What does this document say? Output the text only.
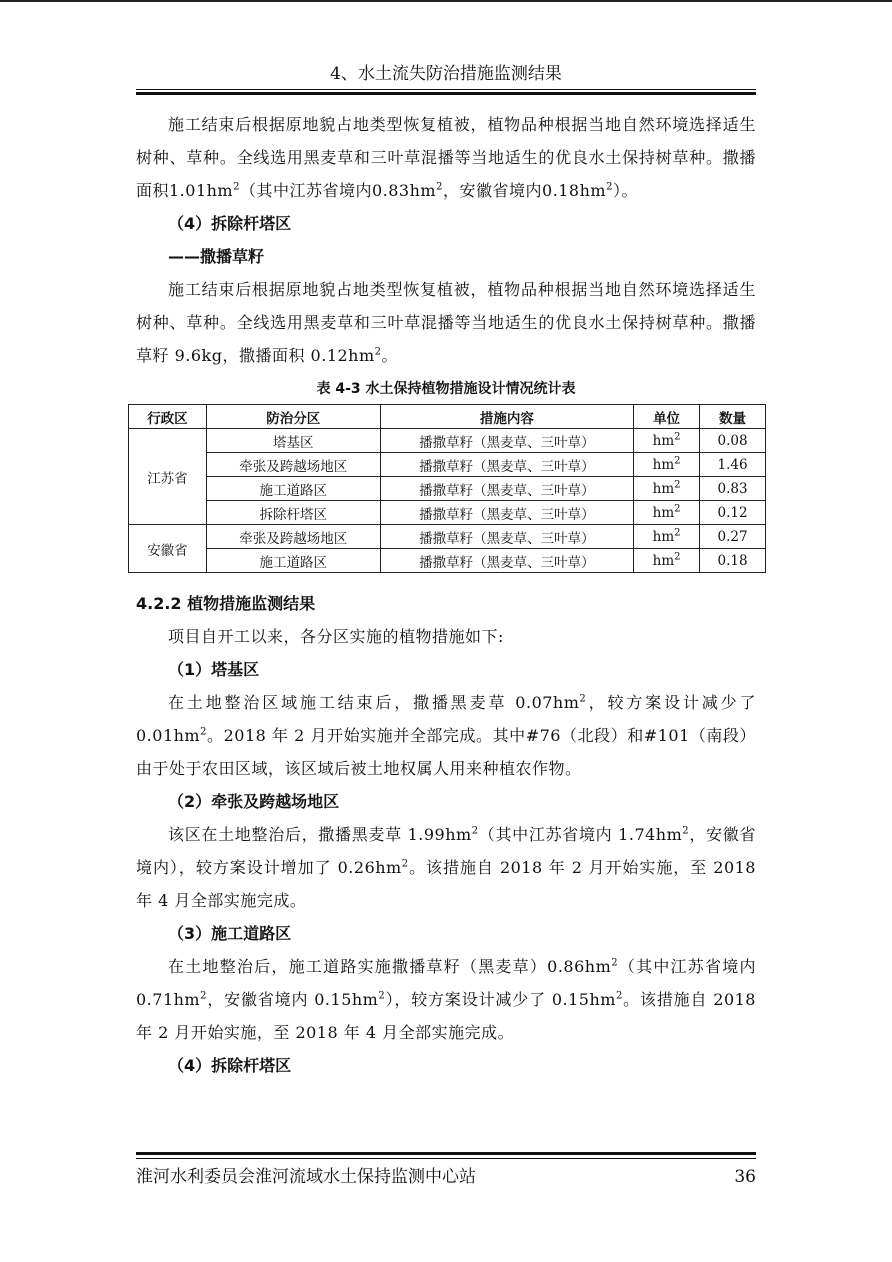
4、水土流失防治措施监测结果

施工结束后根据原地貌占地类型恢复植被，植物品种根据当地自然环境选择适生树种、草种。全线选用黑麦草和三叶草混播等当地适生的优良水土保持树草种。撒播面积$1.01hm^2$（其中江苏省境内$0.83hm^2$，安徽省境内$0.18hm^2$）。

（4）拆除杆塔区

——撒播草籽

施工结束后根据原地貌占地类型恢复植被，植物品种根据当地自然环境选择适生树种、草种。全线选用黑麦草和三叶草混播等当地适生的优良水土保持树草种。撒播草籽 9.6kg，撒播面积 $0.12hm^2$。

表 4-3 水土保持植物措施设计情况统计表
行政区	防治分区	措施内容	单位	数量
江苏省	塔基区	播撒草籽（黑麦草、三叶草）	$hm^2$	0.08
	牵张及跨越场地区	播撒草籽（黑麦草、三叶草）	$hm^2$	1.46
	施工道路区	播撒草籽（黑麦草、三叶草）	$hm^2$	0.83
	拆除杆塔区	播撒草籽（黑麦草、三叶草）	$hm^2$	0.12
安徽省	牵张及跨越场地区	播撒草籽（黑麦草、三叶草）	$hm^2$	0.27
	施工道路区	播撒草籽（黑麦草、三叶草）	$hm^2$	0.18

4.2.2 植物措施监测结果

项目自开工以来，各分区实施的植物措施如下:

（1）塔基区

在土地整治区域施工结束后，撒播黑麦草 $0.07hm^2$，较方案设计减少了$0.01hm^2$。2018 年 2 月开始实施并全部完成。其中#76（北段）和#101（南段）由于处于农田区域，该区域后被土地权属人用来种植农作物。

（2）牵张及跨越场地区

该区在土地整治后，撒播黑麦草 $1.99hm^2$（其中江苏省境内 $1.74hm^2$，安徽省境内），较方案设计增加了 $0.26hm^2$。该措施自 2018 年 2 月开始实施，至 2018 年 4 月全部实施完成。

（3）施工道路区

在土地整治后，施工道路实施撒播草籽（黑麦草）$0.86hm^2$（其中江苏省境内 $0.71hm^2$，安徽省境内 $0.15hm^2$），较方案设计减少了 $0.15hm^2$。该措施自 2018 年 2 月开始实施，至 2018 年 4 月全部实施完成。

（4）拆除杆塔区

淮河水利委员会淮河流域水土保持监测中心站	36
